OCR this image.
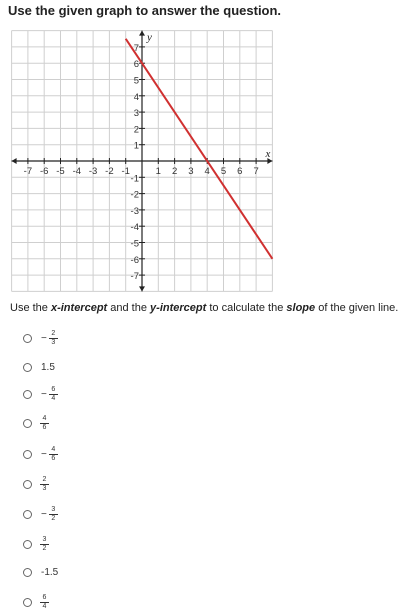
Use the given graph to answer the question.
-7 -6 -5 -4 -3 -2 -1	1 2 3 4 5 6 7
7
6
5
4
3
2
1
-1
-2
-3
-4
-5
-6
-7
x
y
Use the x-intercept and the y-intercept to calculate the slope of the given line.
− $\frac{2}{3}$
1.5
− $\frac{6}{4}$
$\frac{4}{6}$
− $\frac{4}{6}$
$\frac{2}{3}$
− $\frac{3}{2}$
$\frac{3}{2}$
-1.5
$\frac{6}{4}$
